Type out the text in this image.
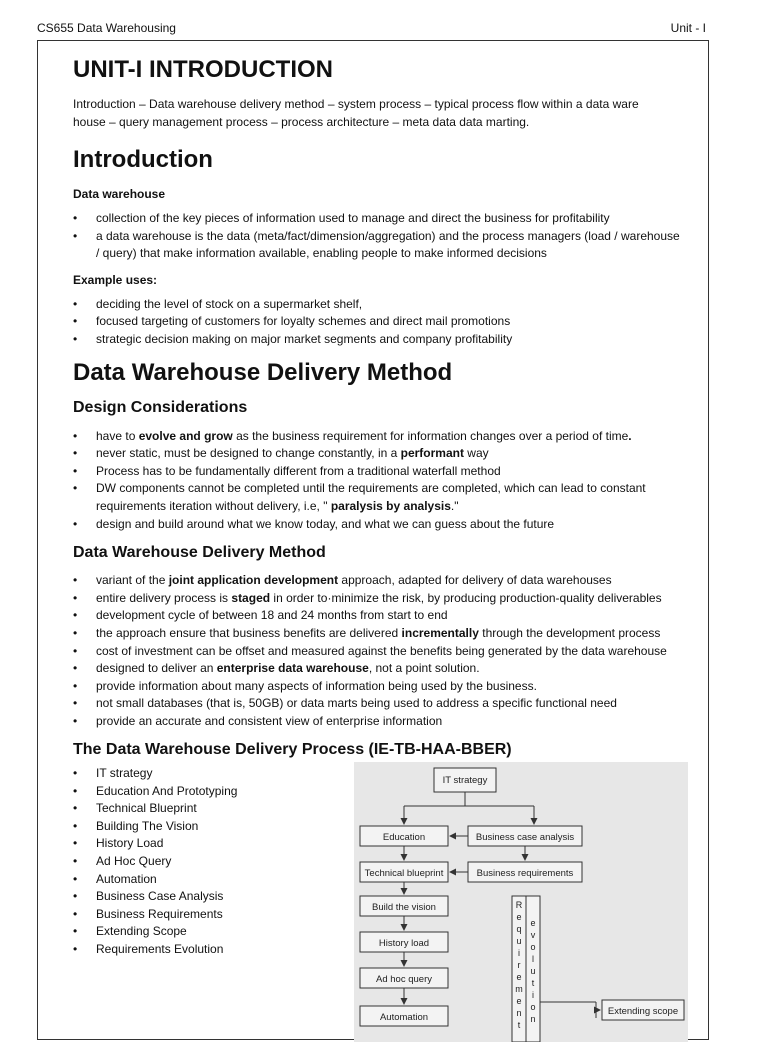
CS655 Data Warehousing	Unit - I
UNIT-I INTRODUCTION

Introduction – Data warehouse delivery method – system process – typical process flow within a data ware house – query management process – process architecture – meta data data marting.

Introduction

Data warehouse

• collection of the key pieces of information used to manage and direct the business for profitability
• a data warehouse is the data (meta/fact/dimension/aggregation) and the process managers (load / warehouse / query) that make information available, enabling people to make informed decisions

Example uses:

• deciding the level of stock on a supermarket shelf,
• focused targeting of customers for loyalty schemes and direct mail promotions
• strategic decision making on major market segments and company profitability
Data Warehouse Delivery Method
Design Considerations
• have to evolve and grow as the business requirement for information changes over a period of time.
• never static, must be designed to change constantly, in a performant way
• Process has to be fundamentally different from a traditional waterfall method
• DW components cannot be completed until the requirements are completed, which can lead to constant requirements iteration without delivery, i.e, " paralysis by analysis."
• design and build around what we know today, and what we can guess about the future
Data Warehouse Delivery Method
• variant of the joint application development approach, adapted for delivery of data warehouses
• entire delivery process is staged in order to·minimize the risk, by producing production-quality deliverables
• development cycle of between 18 and 24 months from start to end
• the approach ensure that business benefits are delivered incrementally through the development process
• cost of investment can be offset and measured against the benefits being generated by the data warehouse
• designed to deliver an enterprise data warehouse, not a point solution.
• provide information about many aspects of information being used by the business.
• not small databases (that is, 50GB) or data marts being used to address a specific functional need
• provide an accurate and consistent view of enterprise information
The Data Warehouse Delivery Process (IE-TB-HAA-BBER)
• IT strategy
• Education And Prototyping
• Technical Blueprint
• Building The Vision
• History Load
• Ad Hoc Query
• Automation
• Business Case Analysis
• Business Requirements
• Extending Scope
• Requirements Evolution
IT strategy
Education	Business case analysis
Technical blueprint	Business requirements
Build the vision
History load
Ad hoc query
Automation
R
e
q
u
i
r
e
m
e
n
t
e
v
o
l
u
t
i
o
n
Extending scope
